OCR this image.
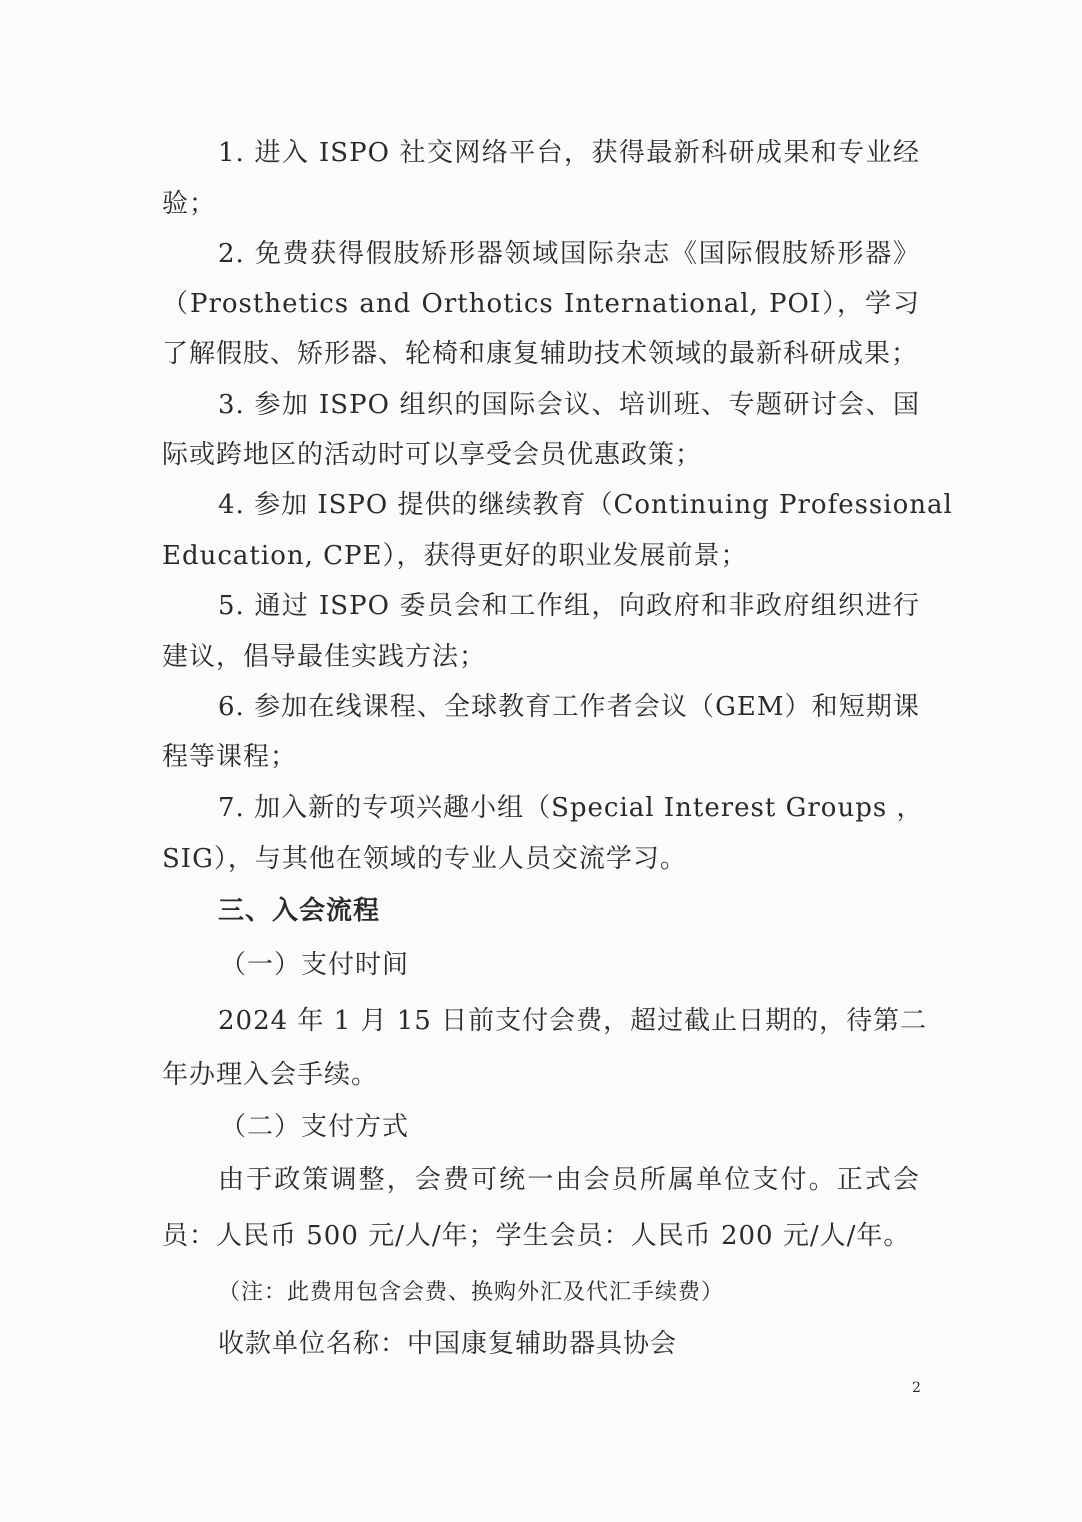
1. 进入 ISPO 社交网络平台，获得最新科研成果和专业经
验；
2. 免费获得假肢矫形器领域国际杂志《国际假肢矫形器》
（Prosthetics and Orthotics International, POI），学习
了解假肢、矫形器、轮椅和康复辅助技术领域的最新科研成果；
3. 参加 ISPO 组织的国际会议、培训班、专题研讨会、国
际或跨地区的活动时可以享受会员优惠政策；
4. 参加 ISPO 提供的继续教育（Continuing Professional
Education, CPE），获得更好的职业发展前景；
5. 通过 ISPO 委员会和工作组，向政府和非政府组织进行
建议，倡导最佳实践方法；
6. 参加在线课程、全球教育工作者会议（GEM）和短期课
程等课程；
7. 加入新的专项兴趣小组（Special Interest Groups ，
SIG），与其他在领域的专业人员交流学习。
三、入会流程
（一）支付时间
2024 年 1 月 15 日前支付会费，超过截止日期的，待第二
年办理入会手续。
（二）支付方式
由于政策调整，会费可统一由会员所属单位支付。正式会
员：人民币 500 元/人/年；学生会员：人民币 200 元/人/年。
（注：此费用包含会费、换购外汇及代汇手续费）
收款单位名称：中国康复辅助器具协会
2
